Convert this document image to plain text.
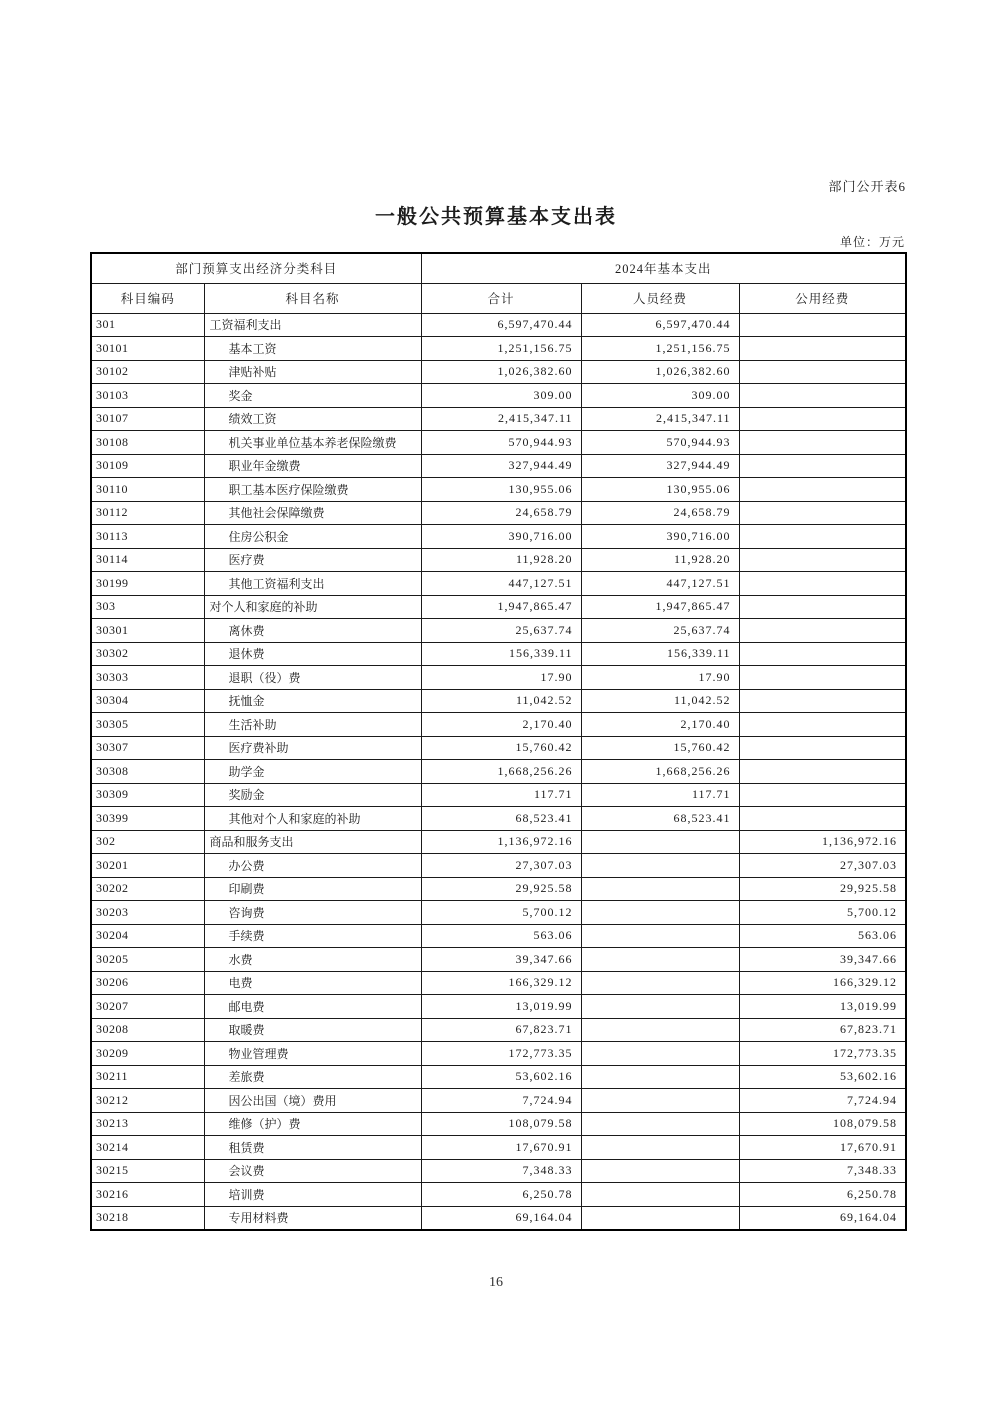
部门公开表6
一般公共预算基本支出表
单位：万元
部门预算支出经济分类科目		2024年基本支出		
科目编码	科目名称	合计	人员经费	公用经费
301	工资福利支出	6,597,470.44	6,597,470.44	
30101	基本工资	1,251,156.75	1,251,156.75	
30102	津贴补贴	1,026,382.60	1,026,382.60	
30103	奖金	309.00	309.00	
30107	绩效工资	2,415,347.11	2,415,347.11	
30108	机关事业单位基本养老保险缴费	570,944.93	570,944.93	
30109	职业年金缴费	327,944.49	327,944.49	
30110	职工基本医疗保险缴费	130,955.06	130,955.06	
30112	其他社会保障缴费	24,658.79	24,658.79	
30113	住房公积金	390,716.00	390,716.00	
30114	医疗费	11,928.20	11,928.20	
30199	其他工资福利支出	447,127.51	447,127.51	
303	对个人和家庭的补助	1,947,865.47	1,947,865.47	
30301	离休费	25,637.74	25,637.74	
30302	退休费	156,339.11	156,339.11	
30303	退职（役）费	17.90	17.90	
30304	抚恤金	11,042.52	11,042.52	
30305	生活补助	2,170.40	2,170.40	
30307	医疗费补助	15,760.42	15,760.42	
30308	助学金	1,668,256.26	1,668,256.26	
30309	奖励金	117.71	117.71	
30399	其他对个人和家庭的补助	68,523.41	68,523.41	
302	商品和服务支出	1,136,972.16		1,136,972.16
30201	办公费	27,307.03		27,307.03
30202	印刷费	29,925.58		29,925.58
30203	咨询费	5,700.12		5,700.12
30204	手续费	563.06		563.06
30205	水费	39,347.66		39,347.66
30206	电费	166,329.12		166,329.12
30207	邮电费	13,019.99		13,019.99
30208	取暖费	67,823.71		67,823.71
30209	物业管理费	172,773.35		172,773.35
30211	差旅费	53,602.16		53,602.16
30212	因公出国（境）费用	7,724.94		7,724.94
30213	维修（护）费	108,079.58		108,079.58
30214	租赁费	17,670.91		17,670.91
30215	会议费	7,348.33		7,348.33
30216	培训费	6,250.78		6,250.78
30218	专用材料费	69,164.04		69,164.04
16
